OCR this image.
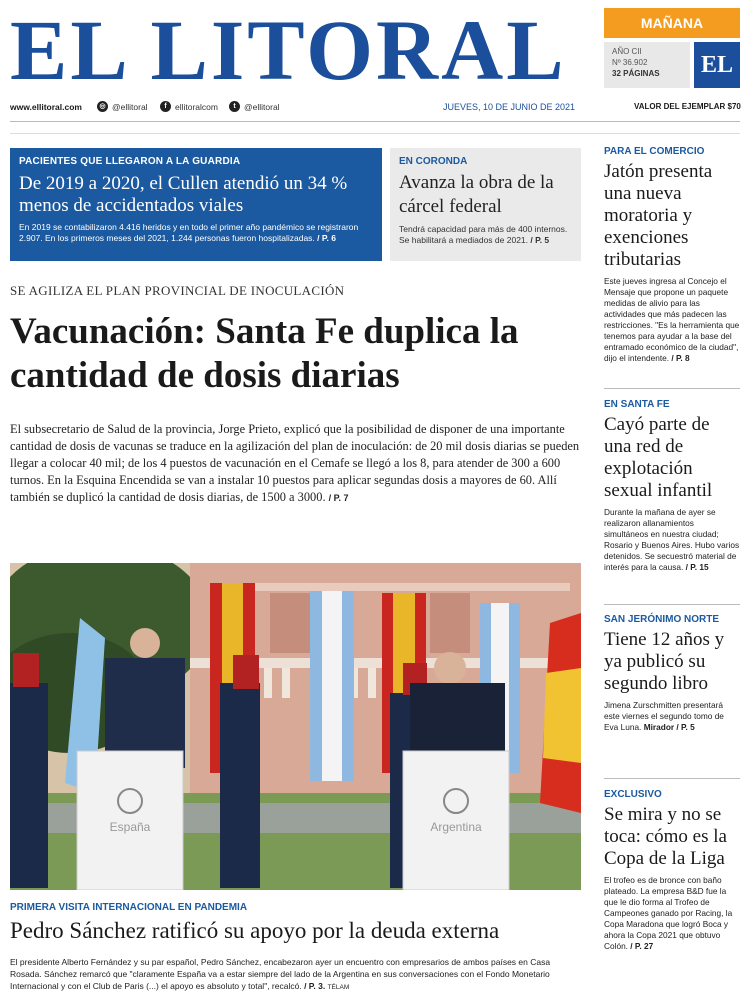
EL LITORAL	MAÑANA
AÑO CII
Nº 36.902
32 PÁGINAS	EL
www.ellitoral.com	◎ @ellitoral	f ellitoralcom	t @ellitoral	JUEVES, 10 DE JUNIO DE 2021	VALOR DEL EJEMPLAR $70
PACIENTES QUE LLEGARON A LA GUARDIA
De 2019 a 2020, el Cullen atendió un 34 % menos de accidentados viales
En 2019 se contabilizaron 4.416 heridos y en todo el primer año pandémico se registraron 2.907. En los primeros meses del 2021, 1.244 personas fueron hospitalizadas. / P. 6
EN CORONDA
Avanza la obra de la cárcel federal
Tendrá capacidad para más de 400 internos. Se habilitará a mediados de 2021. / P. 5
SE AGILIZA EL PLAN PROVINCIAL DE INOCULACIÓN
Vacunación: Santa Fe duplica la cantidad de dosis diarias
El subsecretario de Salud de la provincia, Jorge Prieto, explicó que la posibilidad de disponer de una importante cantidad de dosis de vacunas se traduce en la agilización del plan de inoculación: de 20 mil dosis diarias se pueden llegar a colocar 40 mil; de los 4 puestos de vacunación en el Cemafe se llegó a los 8, para atender de 300 a 600 turnos. En la Esquina Encendida se van a instalar 10 puestos para aplicar segundas dosis a mayores de 60. Allí también se duplicó la cantidad de dosis diarias, de 1500 a 3000. / P. 7
España	Argentina
PRIMERA VISITA INTERNACIONAL EN PANDEMIA
Pedro Sánchez ratificó su apoyo por la deuda externa
El presidente Alberto Fernández y su par español, Pedro Sánchez, encabezaron ayer un encuentro con empresarios de ambos países en Casa Rosada. Sánchez remarcó que "claramente España va a estar siempre del lado de la Argentina en sus conversaciones con el Fondo Monetario Internacional y con el Club de Paris (...) el apoyo es absoluto y total", recalcó. / P. 3. TÉLAM
PARA EL COMERCIO
Jatón presenta una nueva moratoria y exenciones tributarias
Este jueves ingresa al Concejo el Mensaje que propone un paquete medidas de alivio para las actividades que más padecen las restricciones. "Es la herramienta que tenemos para ayudar a la base del entramado económico de la ciudad", dijo el intendente. / P. 8
EN SANTA FE
Cayó parte de una red de explotación sexual infantil
Durante la mañana de ayer se realizaron allanamientos simultáneos en nuestra ciudad; Rosario y Buenos Aires. Hubo varios detenidos. Se secuestró material de interés para la causa. / P. 15
SAN JERÓNIMO NORTE
Tiene 12 años y ya publicó su segundo libro
Jimena Zurschmitten presentará este viernes el segundo tomo de Eva Luna. Mirador / P. 5
EXCLUSIVO
Se mira y no se toca: cómo es la Copa de la Liga
El trofeo es de bronce con baño plateado. La empresa B&D fue la que le dio forma al Trofeo de Campeones ganado por Racing, la Copa Maradona que logró Boca y ahora la Copa 2021 que obtuvo Colón. / P. 27
